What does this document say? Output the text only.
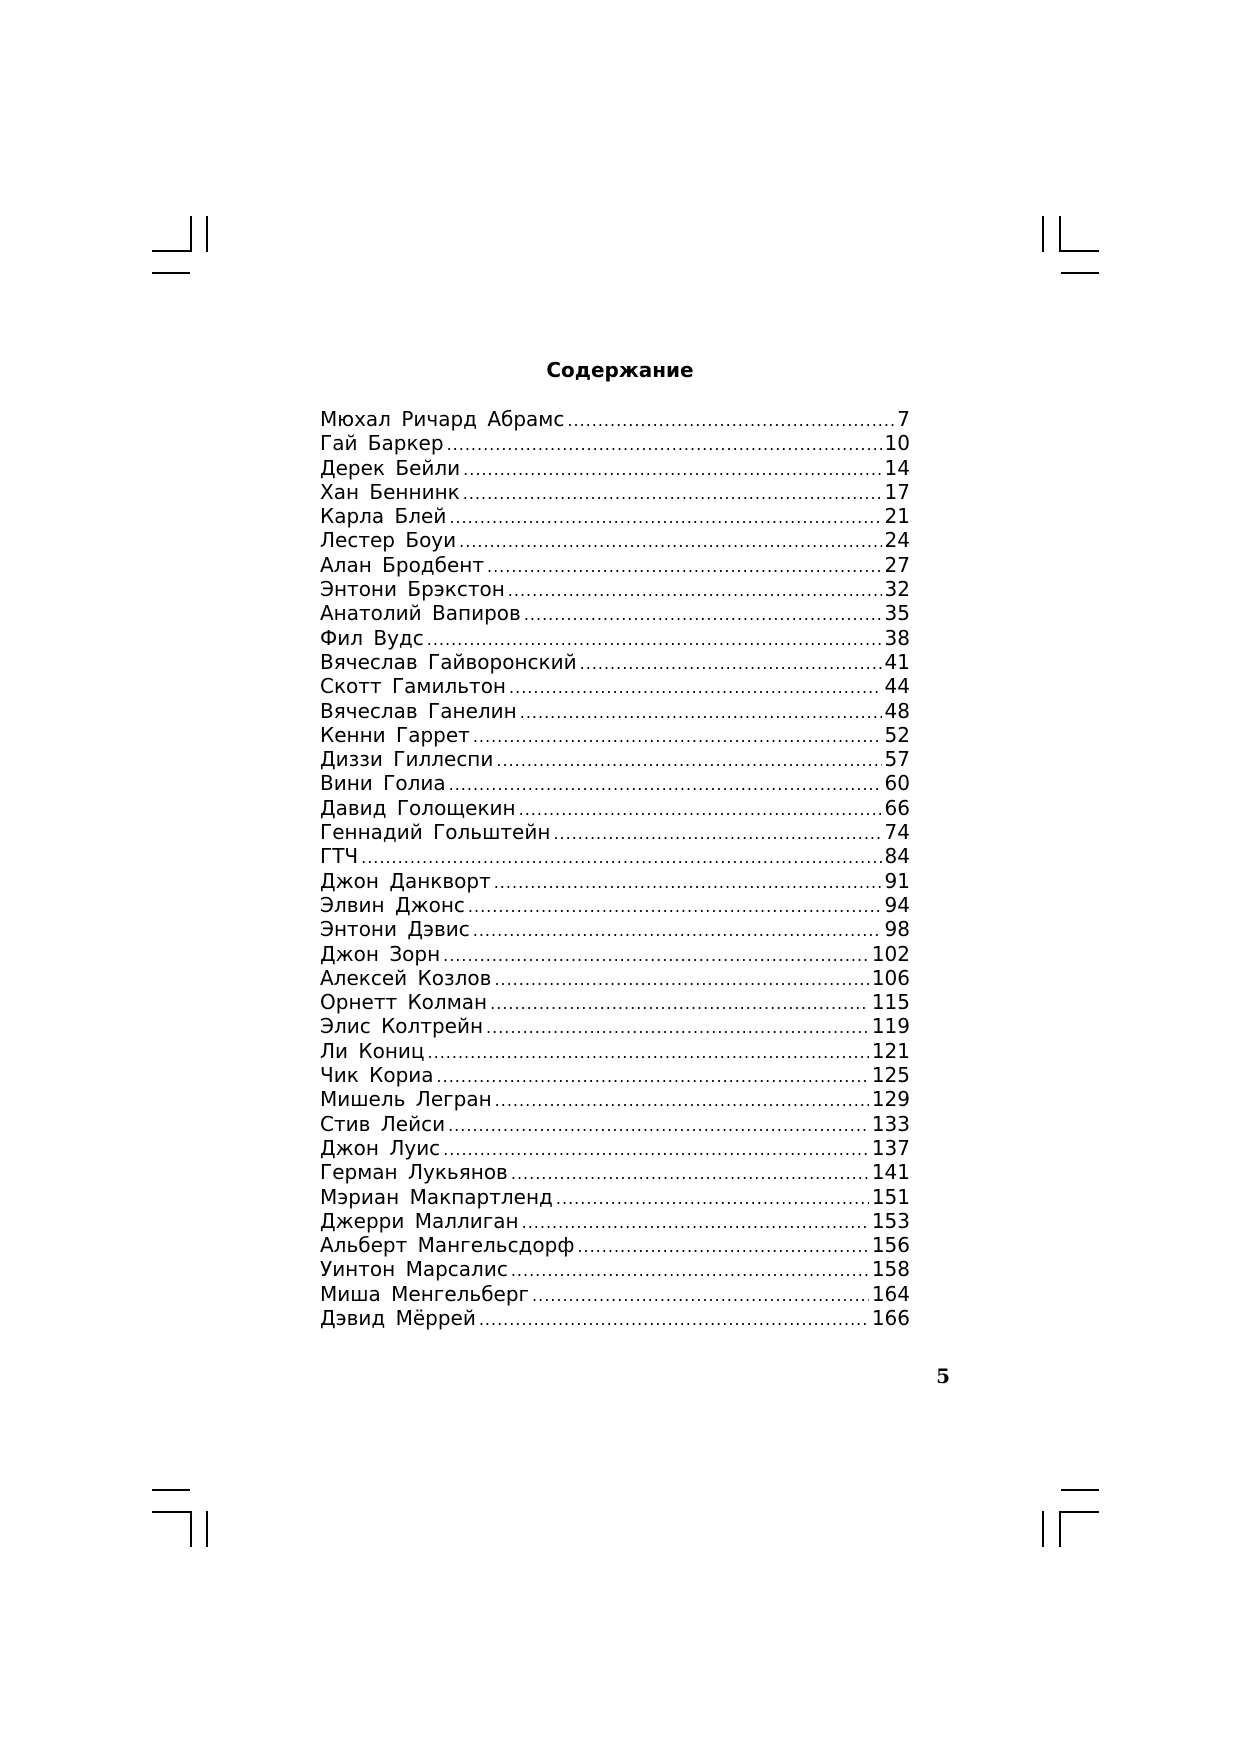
Содержание
Мюхал Ричард Абрамс .....	7
Гай Баркер .....	10
Дерек Бейли .....	14
Хан Беннинк .....	17
Карла Блей .....	21
Лестер Боуи .....	24
Алан Бродбент .....	27
Энтони Брэкстон .....	32
Анатолий Вапиров .....	35
Фил Вудс .....	38
Вячеслав Гайворонский .....	41
Скотт Гамильтон .....	44
Вячеслав Ганелин .....	48
Кенни Гаррет .....	52
Диззи Гиллеспи .....	57
Вини Голиа .....	60
Давид Голощекин .....	66
Геннадий Гольштейн .....	74
ГТЧ .....	84
Джон Данкворт .....	91
Элвин Джонс .....	94
Энтони Дэвис .....	98
Джон Зорн .....	102
Алексей Козлов .....	106
Орнетт Колман .....	115
Элис Колтрейн .....	119
Ли Кониц .....	121
Чик Кориа .....	125
Мишель Легран .....	129
Стив Лейси .....	133
Джон Луис .....	137
Герман Лукьянов .....	141
Мэриан Макпартленд .....	151
Джерри Маллиган .....	153
Альберт Мангельсдорф .....	156
Уинтон Марсалис .....	158
Миша Менгельберг .....	164
Дэвид Мёррей .....	166
5
